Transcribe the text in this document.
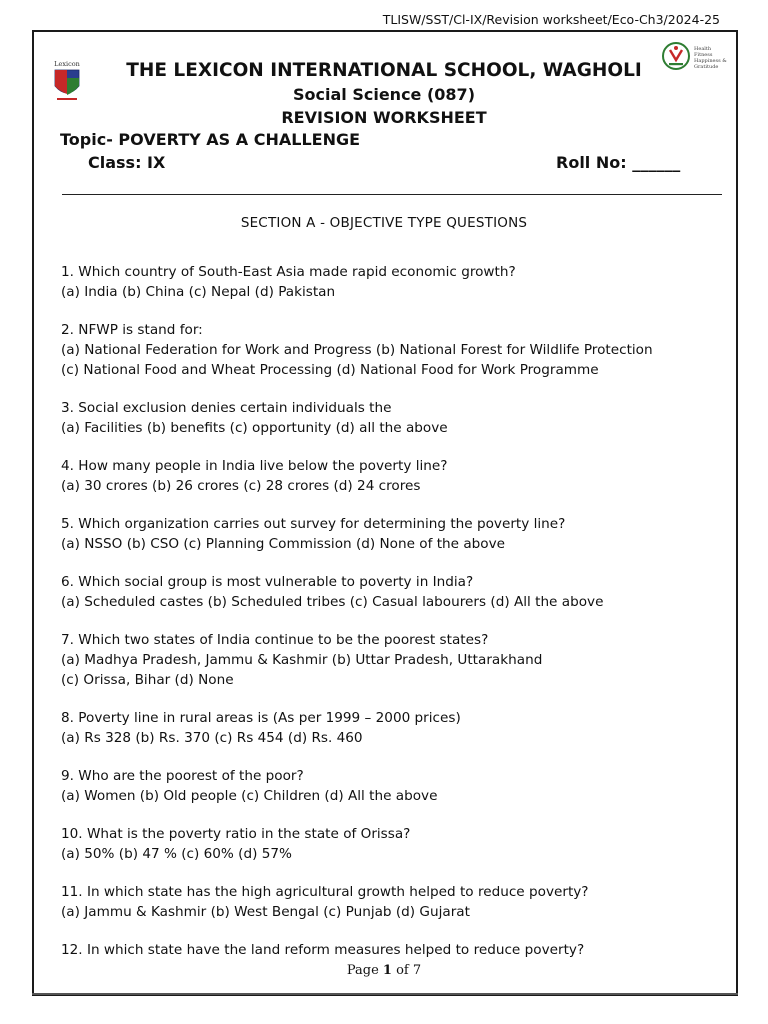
TLISW/SST/Cl-IX/Revision worksheet/Eco-Ch3/2024-25
Lexicon
Health
Fitness
Happiness &
Gratitude
THE LEXICON INTERNATIONAL SCHOOL, WAGHOLI
Social Science (087)
REVISION WORKSHEET
Topic- POVERTY AS A CHALLENGE
Class: IX	Roll No: ______
SECTION A - OBJECTIVE TYPE QUESTIONS

1. Which country of South-East Asia made rapid economic growth?

(a) India (b) China (c) Nepal (d) Pakistan

2. NFWP is stand for:

(a) National Federation for Work and Progress (b) National Forest for Wildlife Protection

(c) National Food and Wheat Processing (d) National Food for Work Programme

3. Social exclusion denies certain individuals the

(a) Facilities (b) benefits (c) opportunity (d) all the above

4. How many people in India live below the poverty line?

(a) 30 crores (b) 26 crores (c) 28 crores (d) 24 crores

5. Which organization carries out survey for determining the poverty line?

(a) NSSO (b) CSO (c) Planning Commission (d) None of the above

6. Which social group is most vulnerable to poverty in India?

(a) Scheduled castes (b) Scheduled tribes (c) Casual labourers (d) All the above

7. Which two states of India continue to be the poorest states?

(a) Madhya Pradesh, Jammu & Kashmir (b) Uttar Pradesh, Uttarakhand

(c) Orissa, Bihar (d) None

8. Poverty line in rural areas is (As per 1999 – 2000 prices)

(a) Rs 328 (b) Rs. 370 (c) Rs 454 (d) Rs. 460

9. Who are the poorest of the poor?

(a) Women (b) Old people (c) Children (d) All the above

10. What is the poverty ratio in the state of Orissa?

(a) 50% (b) 47 % (c) 60% (d) 57%

11. In which state has the high agricultural growth helped to reduce poverty?

(a) Jammu & Kashmir (b) West Bengal (c) Punjab (d) Gujarat

12. In which state have the land reform measures helped to reduce poverty?

Page 1 of 7
